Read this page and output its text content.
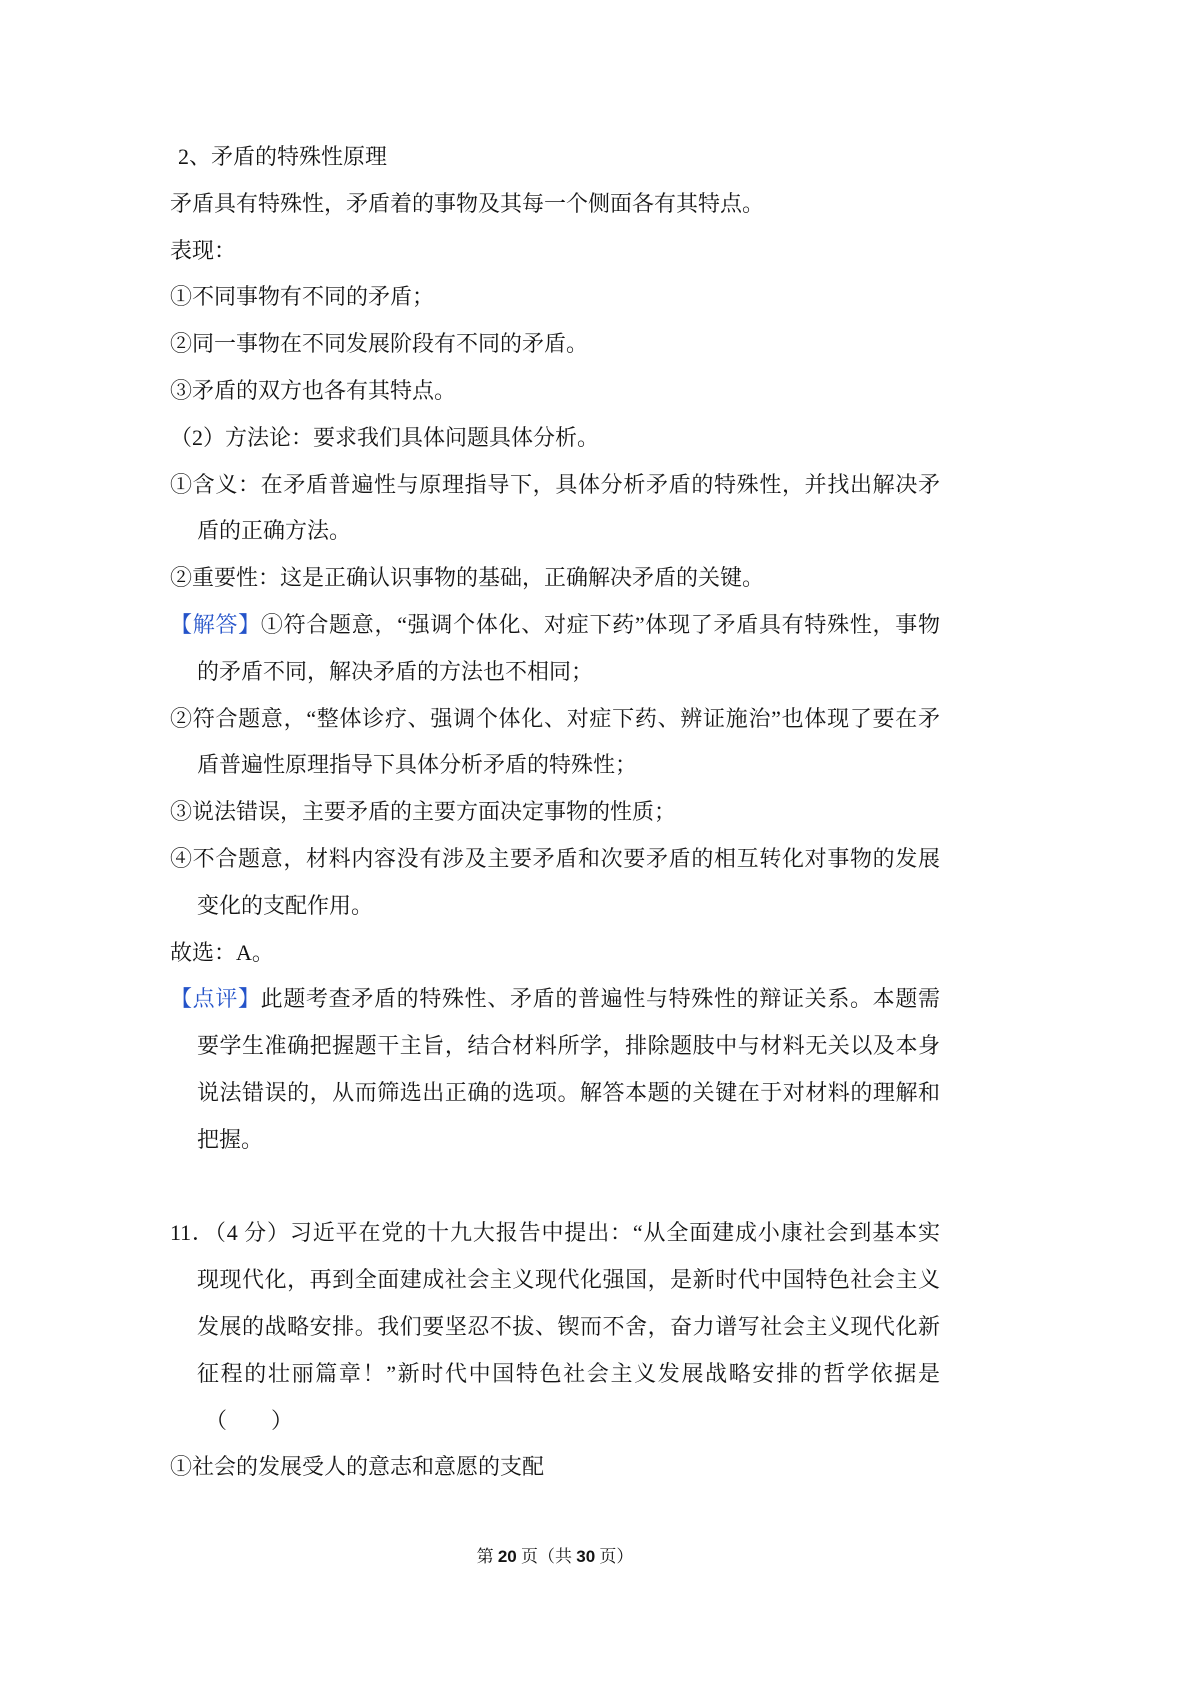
2、矛盾的特殊性原理
矛盾具有特殊性，矛盾着的事物及其每一个侧面各有其特点。
表现：
①不同事物有不同的矛盾；
②同一事物在不同发展阶段有不同的矛盾。
③矛盾的双方也各有其特点。
（2）方法论：要求我们具体问题具体分析。
①含义：在矛盾普遍性与原理指导下，具体分析矛盾的特殊性，并找出解决矛
盾的正确方法。
②重要性：这是正确认识事物的基础，正确解决矛盾的关键。
【解答】①符合题意，“强调个体化、对症下药”体现了矛盾具有特殊性，事物
的矛盾不同，解决矛盾的方法也不相同；
②符合题意，“整体诊疗、强调个体化、对症下药、辨证施治”也体现了要在矛
盾普遍性原理指导下具体分析矛盾的特殊性；
③说法错误，主要矛盾的主要方面决定事物的性质；
④不合题意，材料内容没有涉及主要矛盾和次要矛盾的相互转化对事物的发展
变化的支配作用。
故选：A。
【点评】此题考查矛盾的特殊性、矛盾的普遍性与特殊性的辩证关系。本题需
要学生准确把握题干主旨，结合材料所学，排除题肢中与材料无关以及本身
说法错误的，从而筛选出正确的选项。解答本题的关键在于对材料的理解和
把握。
11．（4 分）习近平在党的十九大报告中提出：“从全面建成小康社会到基本实
现现代化，再到全面建成社会主义现代化强国，是新时代中国特色社会主义
发展的战略安排。我们要坚忍不拔、锲而不舍，奋力谱写社会主义现代化新
征程的壮丽篇章！”新时代中国特色社会主义发展战略安排的哲学依据是
（　　）
①社会的发展受人的意志和意愿的支配
第 20 页（共 30 页）
